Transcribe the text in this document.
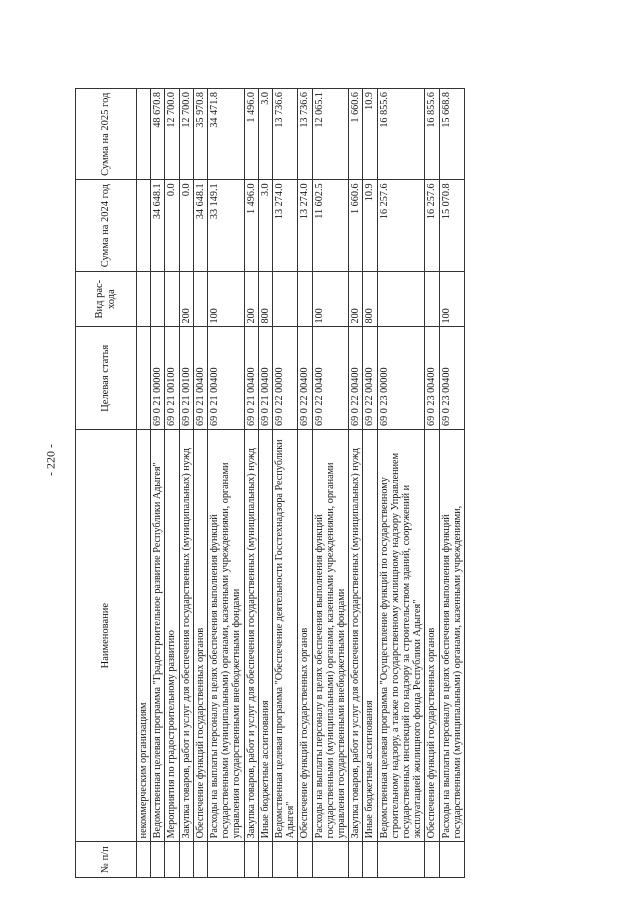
- 220 -
№ п/п	Наименование	Целевая статья	Вид рас-хода	Сумма на 2024 год	Сумма на 2025 год
	некоммерческим организациям				
	Ведомственная целевая программа "Градостроительное развитие Республики Адыгея"	69 0 21 00000		34 648.1	48 670.8
	Мероприятия по градостроительному развитию	69 0 21 00100		0.0	12 700.0
	Закупка товаров, работ и услуг для обеспечения государственных (муниципальных) нужд	69 0 21 00100	200	0.0	12 700.0
	Обеспечение функций государственных органов	69 0 21 00400		34 648.1	35 970.8
	Расходы на выплаты персоналу в целях обеспечения выполнения функций государственными (муниципальными) органами, казенными учреждениями, органами управления государственными внебюджетными фондами	69 0 21 00400	100	33 149.1	34 471.8
	Закупка товаров, работ и услуг для обеспечения государственных (муниципальных) нужд	69 0 21 00400	200	1 496.0	1 496.0
	Иные бюджетные ассигнования	69 0 21 00400	800	3.0	3.0
	Ведомственная целевая программа "Обеспечение деятельности Госстехнадзора Республики Адыгея"	69 0 22 00000		13 274.0	13 736.6
	Обеспечение функций государственных органов	69 0 22 00400		13 274.0	13 736.6
	Расходы на выплаты персоналу в целях обеспечения выполнения функций государственными (муниципальными) органами, казенными учреждениями, органами управления государственными внебюджетными фондами	69 0 22 00400	100	11 602.5	12 065.1
	Закупка товаров, работ и услуг для обеспечения государственных (муниципальных) нужд	69 0 22 00400	200	1 660.6	1 660.6
	Иные бюджетные ассигнования	69 0 22 00400	800	10.9	10.9
	Ведомственная целевая программа "Осуществление функций по государственному строительному надзору, а также по государственному жилищному надзору Управлением государственных инспекций по надзору за строительством зданий, сооружений и эксплуатацией жилищного фонда Республики Адыгея"	69 0 23 00000		16 257.6	16 855.6
	Обеспечение функций государственных органов	69 0 23 00400		16 257.6	16 855.6
	Расходы на выплаты персоналу в целях обеспечения выполнения функций государственными (муниципальными) органами, казенными учреждениями,	69 0 23 00400	100	15 070.8	15 668.8
